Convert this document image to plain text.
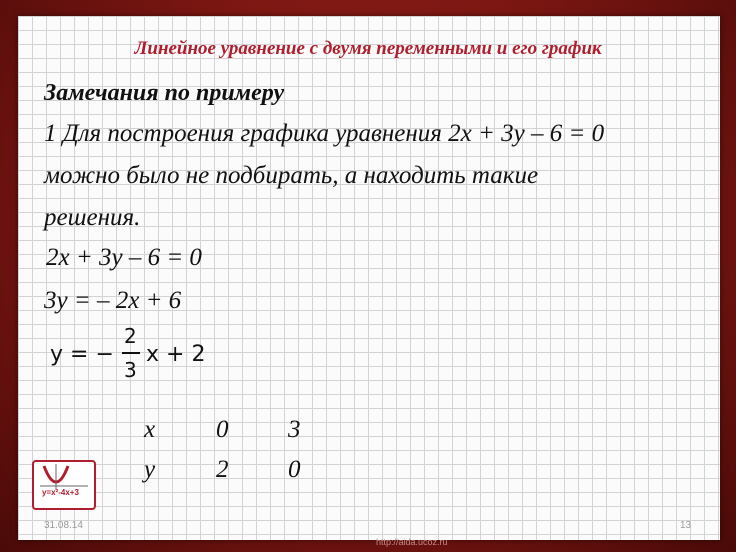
Линейное уравнение с двумя переменными и его график
Замечания по примеру
1 Для построения графика уравнения 2x + 3y – 6 = 0
можно было не подбирать, а находить такие
решения.
2x + 3y – 6 = 0
3y = – 2x + 6
y = −
2
3
x + 2
x 0 3
y 2 0
y=x²-4x+3
31.08.14	13
http://aida.ucoz.ru
